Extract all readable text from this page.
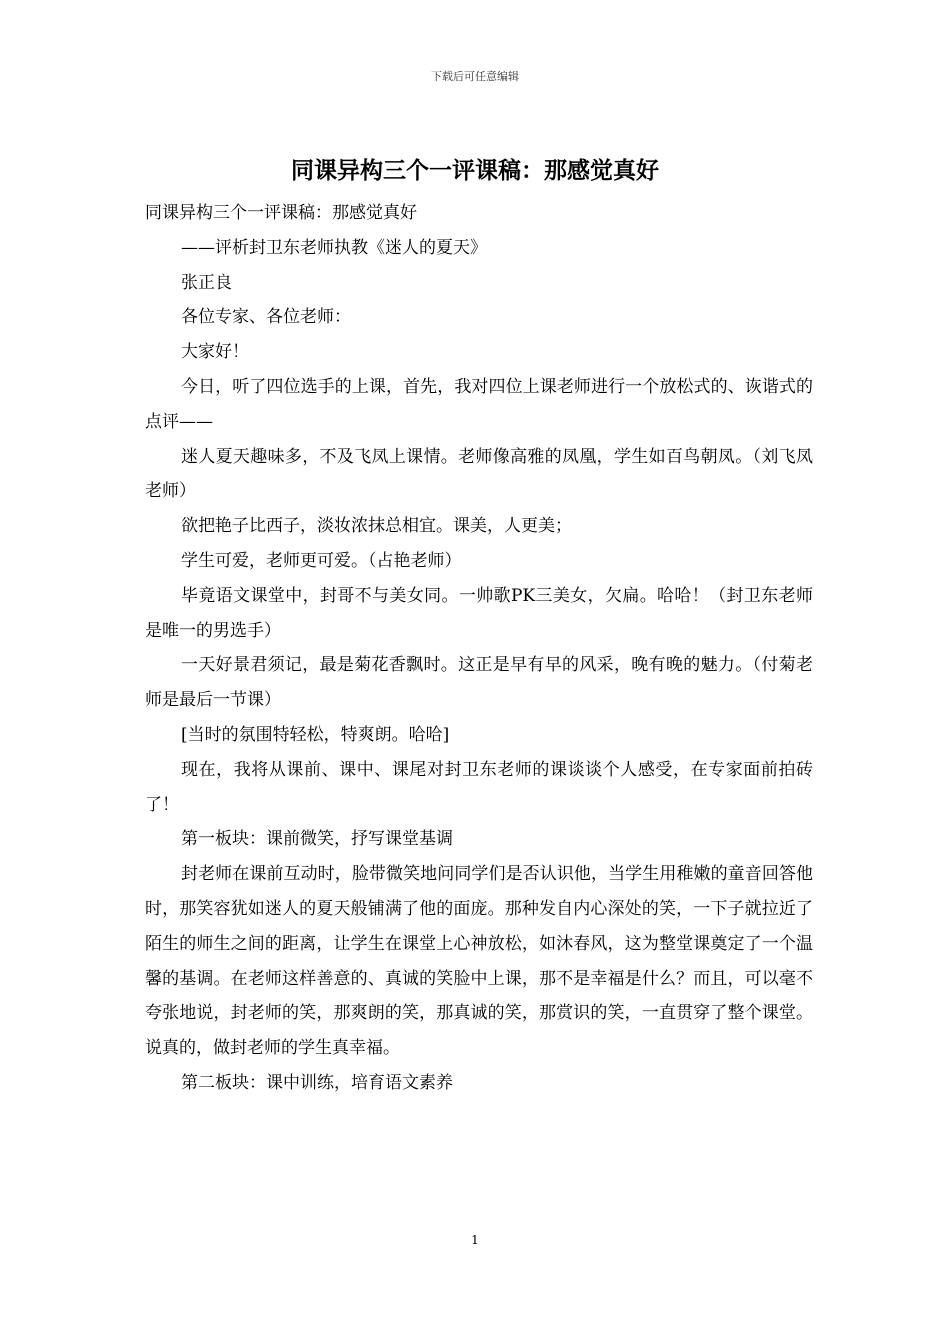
下载后可任意编辑
同课异构三个一评课稿：那感觉真好

同课异构三个一评课稿：那感觉真好

——评析封卫东老师执教《迷人的夏天》

张正良

各位专家、各位老师：

大家好！

今日，听了四位选手的上课，首先，我对四位上课老师进行一个放松式的、诙谐式的点评——

迷人夏天趣味多，不及飞凤上课情。老师像高雅的凤凰，学生如百鸟朝凤。（刘飞凤老师）

欲把艳子比西子，淡妆浓抹总相宜。课美，人更美；

学生可爱，老师更可爱。（占艳老师）

毕竟语文课堂中，封哥不与美女同。一帅歌PK三美女，欠扁。哈哈！（封卫东老师是唯一的男选手）

一天好景君须记，最是菊花香飘时。这正是早有早的风采，晚有晚的魅力。（付菊老师是最后一节课）

[当时的氛围特轻松，特爽朗。哈哈]

现在，我将从课前、课中、课尾对封卫东老师的课谈谈个人感受，在专家面前拍砖了！

第一板块：课前微笑，抒写课堂基调

封老师在课前互动时，脸带微笑地问同学们是否认识他，当学生用稚嫩的童音回答他时，那笑容犹如迷人的夏天般铺满了他的面庞。那种发自内心深处的笑，一下子就拉近了陌生的师生之间的距离，让学生在课堂上心神放松，如沐春风，这为整堂课奠定了一个温馨的基调。在老师这样善意的、真诚的笑脸中上课，那不是幸福是什么？而且，可以毫不夸张地说，封老师的笑，那爽朗的笑，那真诚的笑，那赏识的笑，一直贯穿了整个课堂。说真的，做封老师的学生真幸福。

第二板块：课中训练，培育语文素养

1
